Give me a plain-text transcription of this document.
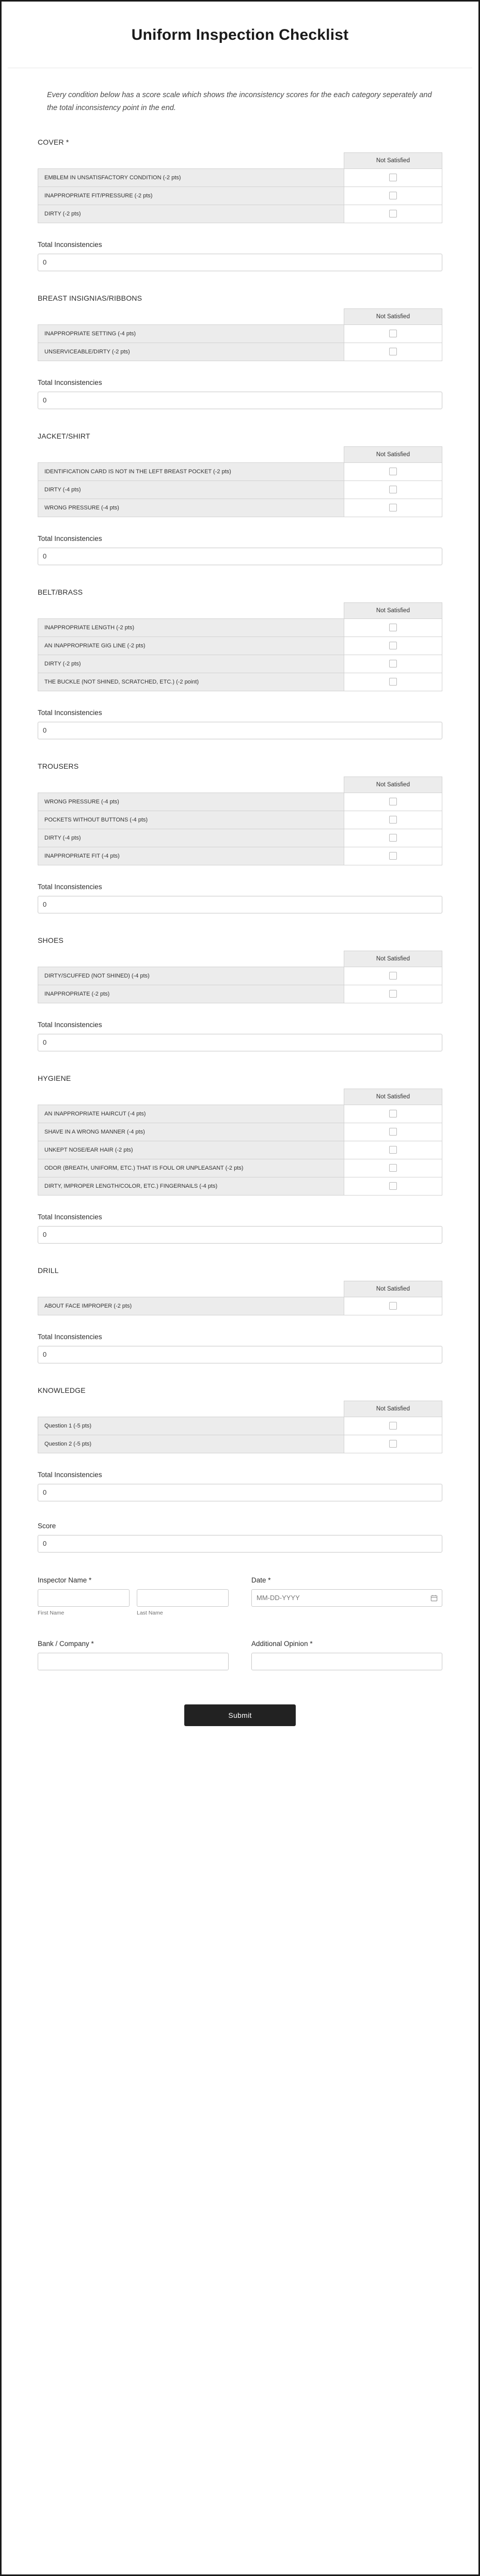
Uniform Inspection Checklist
Every condition below has a score scale which shows the inconsistency scores for the each category seperately and the total inconsistency point in the end.
COVER *
	Not Satisfied
EMBLEM IN UNSATISFACTORY CONDITION (-2 pts)	
INAPPROPRIATE FIT/PRESSURE (-2 pts)	
DIRTY (-2 pts)	
Total Inconsistencies
0
BREAST INSIGNIAS/RIBBONS
	Not Satisfied
INAPPROPRIATE SETTING (-4 pts)	
UNSERVICEABLE/DIRTY (-2 pts)	
Total Inconsistencies
0
JACKET/SHIRT
	Not Satisfied
IDENTIFICATION CARD IS NOT IN THE LEFT BREAST POCKET (-2 pts)	
DIRTY (-4 pts)	
WRONG PRESSURE (-4 pts)	
Total Inconsistencies
0
BELT/BRASS
	Not Satisfied
INAPPROPRIATE LENGTH (-2 pts)	
AN INAPPROPRIATE GIG LINE (-2 pts)	
DIRTY (-2 pts)	
THE BUCKLE (NOT SHINED, SCRATCHED, ETC.) (-2 point)	
Total Inconsistencies
0
TROUSERS
	Not Satisfied
WRONG PRESSURE (-4 pts)	
POCKETS WITHOUT BUTTONS (-4 pts)	
DIRTY (-4 pts)	
INAPPROPRIATE FIT (-4 pts)	
Total Inconsistencies
0
SHOES
	Not Satisfied
DIRTY/SCUFFED (NOT SHINED) (-4 pts)	
INAPPROPRIATE (-2 pts)	
Total Inconsistencies
0
HYGIENE
	Not Satisfied
AN INAPPROPRIATE HAIRCUT (-4 pts)	
SHAVE IN A WRONG MANNER (-4 pts)	
UNKEPT NOSE/EAR HAIR (-2 pts)	
ODOR (BREATH, UNIFORM, ETC.) THAT IS FOUL OR UNPLEASANT (-2 pts)	
DIRTY, IMPROPER LENGTH/COLOR, ETC.) FINGERNAILS (-4 pts)	
Total Inconsistencies
0
DRILL
	Not Satisfied
ABOUT FACE IMPROPER (-2 pts)	
Total Inconsistencies
0
KNOWLEDGE
	Not Satisfied
Question 1 (-5 pts)	
Question 2 (-5 pts)	
Total Inconsistencies
0
Score
0
Inspector Name *
First Name	Last Name
Date *
MM-DD-YYYY
Bank / Company *	Additional Opinion *
Submit
